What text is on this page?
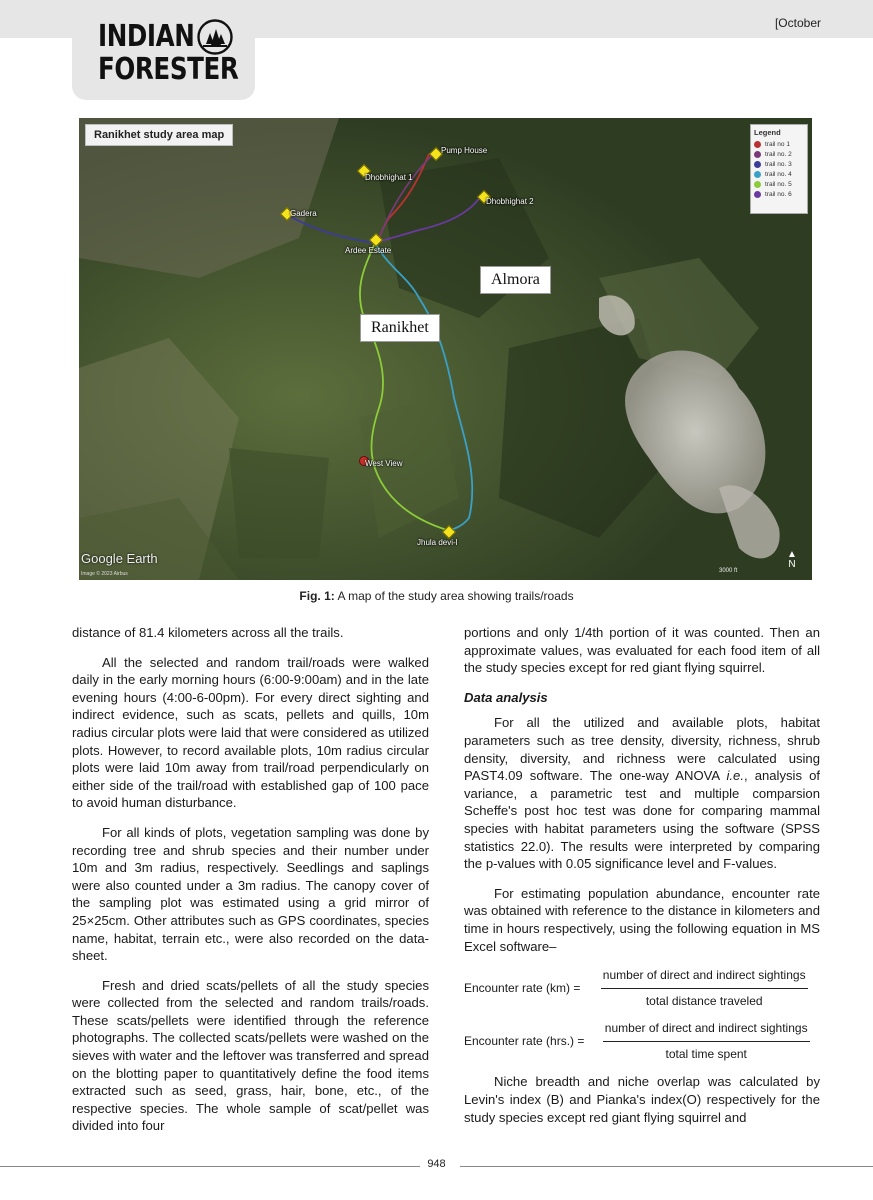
[October
INDIAN
FORESTER
Ranikhet study area map
Almora
Ranikhet
Legend
trail no 1
trail no. 2
trail no. 3
trail no. 4
trail no. 5
trail no. 6
Pump House
Dhobhighat 1
Dhobhighat 2
Gadera
Ardee Estate
West View
Jhula devi-l
Google Earth
Image © 2023 Airbus	3000 ft
▲
N
Fig. 1: A map of the study area showing trails/roads

distance of 81.4 kilometers across all the trails.

All the selected and random trail/roads were walked daily in the early morning hours (6:00-9:00am) and in the late evening hours (4:00-6-00pm). For every direct sighting and indirect evidence, such as scats, pellets and quills, 10m radius circular plots were laid that were considered as utilized plots. However, to record available plots, 10m radius circular plots were laid 10m away from trail/road perpendicularly on either side of the trail/road with established gap of 100 pace to avoid human disturbance.

For all kinds of plots, vegetation sampling was done by recording tree and shrub species and their number under 10m and 3m radius, respectively. Seedlings and saplings were also counted under a 3m radius. The canopy cover of the sampling plot was estimated using a grid mirror of 25×25cm. Other attributes such as GPS coordinates, species name, habitat, terrain etc., were also recorded on the data-sheet.

Fresh and dried scats/pellets of all the study species were collected from the selected and random trails/roads. These scats/pellets were identified through the reference photographs. The collected scats/pellets were washed on the sieves with water and the leftover was transferred and spread on the blotting paper to quantitatively define the food items extracted such as seed, grass, hair, bone, etc., of the respective species. The whole sample of scat/pellet was divided into four

portions and only 1/4th portion of it was counted. Then an approximate values, was evaluated for each food item of all the study species except for red giant flying squirrel.

Data analysis

For all the utilized and available plots, habitat parameters such as tree density, diversity, richness, shrub density, diversity, and richness were calculated using PAST4.09 software. The one-way ANOVA i.e., analysis of variance, a parametric test and multiple comparsion Scheffe's post hoc test was done for comparing mammal species with habitat parameters using the software (SPSS statistics 22.0). The results were interpreted by comparing the p-values with 0.05 significance level and F-values.

For estimating population abundance, encounter rate was obtained with reference to the distance in kilometers and time in hours respectively, using the following equation in MS Excel software–

Encounter rate $(km) = \frac{\text{number of direct and indirect sightings}}{\text{total distance traveled}}$
Encounter rate $(hrs.) = \frac{\text{number of direct and indirect sightings}}{\text{total time spent}}$

Niche breadth and niche overlap was calculated by Levin's index (B) and Pianka's index(O) respectively for the study species except red giant flying squirrel and

948
